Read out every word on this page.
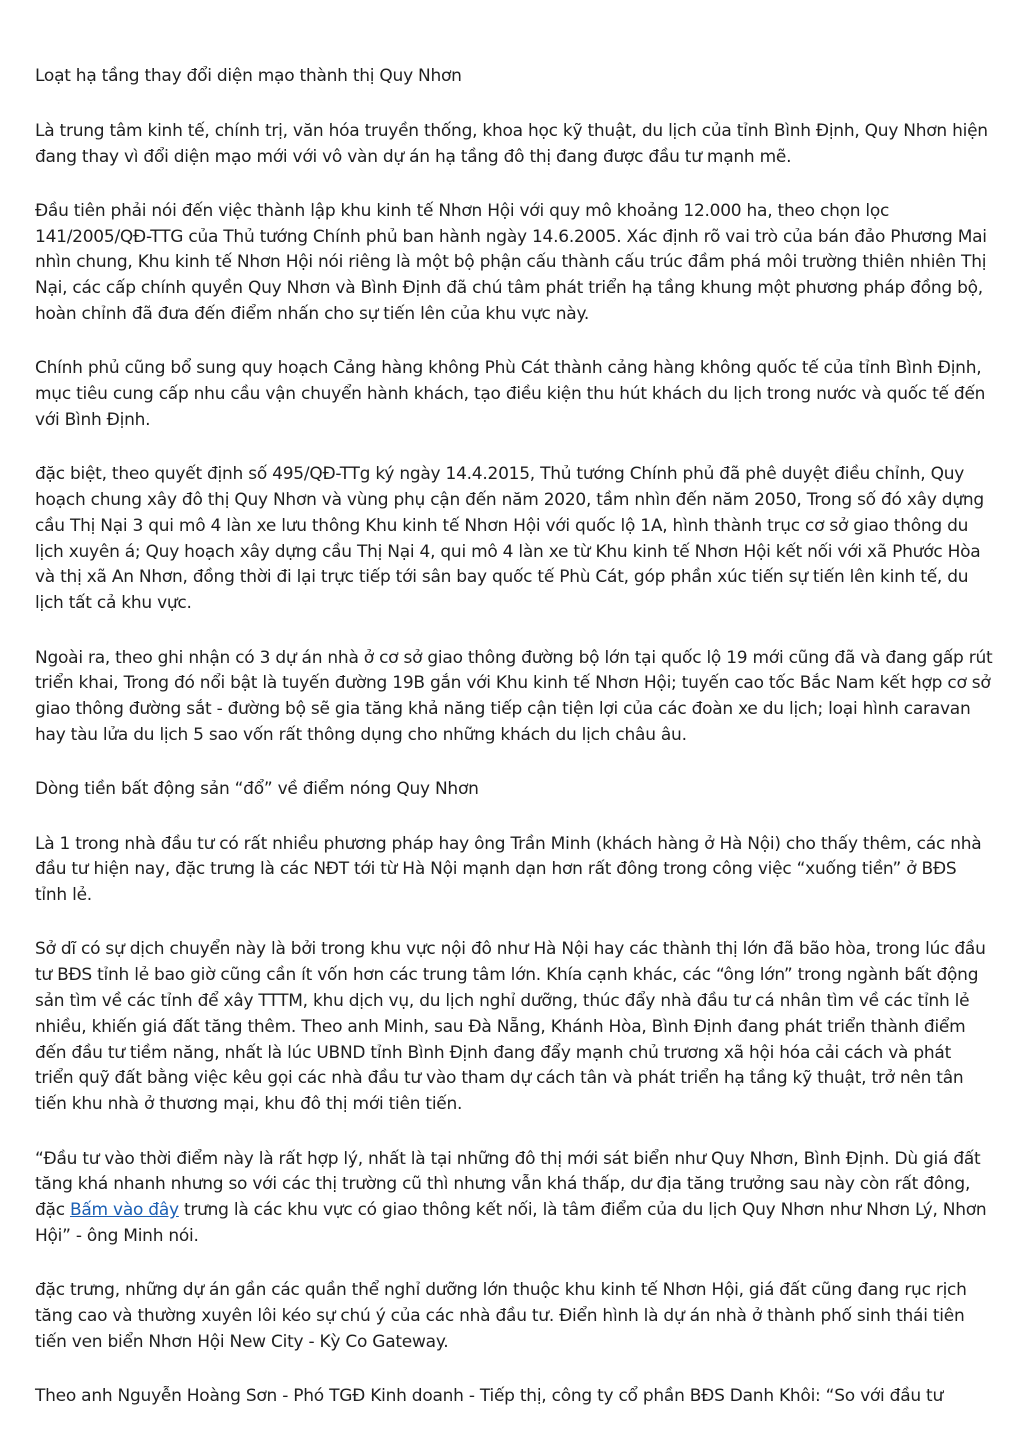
Loạt hạ tầng thay đổi diện mạo thành thị Quy Nhơn

Là trung tâm kinh tế, chính trị, văn hóa truyền thống, khoa học kỹ thuật, du lịch của tỉnh Bình Định, Quy Nhơn hiện đang thay vì đổi diện mạo mới với vô vàn dự án hạ tầng đô thị đang được đầu tư mạnh mẽ.

Đầu tiên phải nói đến việc thành lập khu kinh tế Nhơn Hội với quy mô khoảng 12.000 ha, theo chọn lọc 141/2005/QĐ-TTG của Thủ tướng Chính phủ ban hành ngày 14.6.2005. Xác định rõ vai trò của bán đảo Phương Mai nhìn chung, Khu kinh tế Nhơn Hội nói riêng là một bộ phận cấu thành cấu trúc đầm phá môi trường thiên nhiên Thị Nại, các cấp chính quyền Quy Nhơn và Bình Định đã chú tâm phát triển hạ tầng khung một phương pháp đồng bộ, hoàn chỉnh đã đưa đến điểm nhấn cho sự tiến lên của khu vực này.

Chính phủ cũng bổ sung quy hoạch Cảng hàng không Phù Cát thành cảng hàng không quốc tế của tỉnh Bình Định, mục tiêu cung cấp nhu cầu vận chuyển hành khách, tạo điều kiện thu hút khách du lịch trong nước và quốc tế đến với Bình Định.

đặc biệt, theo quyết định số 495/QĐ-TTg ký ngày 14.4.2015, Thủ tướng Chính phủ đã phê duyệt điều chỉnh, Quy hoạch chung xây đô thị Quy Nhơn và vùng phụ cận đến năm 2020, tầm nhìn đến năm 2050, Trong số đó xây dựng cầu Thị Nại 3 qui mô 4 làn xe lưu thông Khu kinh tế Nhơn Hội với quốc lộ 1A, hình thành trục cơ sở giao thông du lịch xuyên á; Quy hoạch xây dựng cầu Thị Nại 4, qui mô 4 làn xe từ Khu kinh tế Nhơn Hội kết nối với xã Phước Hòa và thị xã An Nhơn, đồng thời đi lại trực tiếp tới sân bay quốc tế Phù Cát, góp phần xúc tiến sự tiến lên kinh tế, du lịch tất cả khu vực.

Ngoài ra, theo ghi nhận có 3 dự án nhà ở cơ sở giao thông đường bộ lớn tại quốc lộ 19 mới cũng đã và đang gấp rút triển khai, Trong đó nổi bật là tuyến đường 19B gắn với Khu kinh tế Nhơn Hội; tuyến cao tốc Bắc Nam kết hợp cơ sở giao thông đường sắt - đường bộ sẽ gia tăng khả năng tiếp cận tiện lợi của các đoàn xe du lịch; loại hình caravan hay tàu lửa du lịch 5 sao vốn rất thông dụng cho những khách du lịch châu âu.

Dòng tiền bất động sản “đổ” về điểm nóng Quy Nhơn

Là 1 trong nhà đầu tư có rất nhiều phương pháp hay ông Trần Minh (khách hàng ở Hà Nội) cho thấy thêm, các nhà đầu tư hiện nay, đặc trưng là các NĐT tới từ Hà Nội mạnh dạn hơn rất đông trong công việc “xuống tiền” ở BĐS tỉnh lẻ.

Sở dĩ có sự dịch chuyển này là bởi trong khu vực nội đô như Hà Nội hay các thành thị lớn đã bão hòa, trong lúc đầu tư BĐS tỉnh lẻ bao giờ cũng cần ít vốn hơn các trung tâm lớn. Khía cạnh khác, các “ông lớn” trong ngành bất động sản tìm về các tỉnh để xây TTTM, khu dịch vụ, du lịch nghỉ dưỡng, thúc đẩy nhà đầu tư cá nhân tìm về các tỉnh lẻ nhiều, khiến giá đất tăng thêm. Theo anh Minh, sau Đà Nẵng, Khánh Hòa, Bình Định đang phát triển thành điểm đến đầu tư tiềm năng, nhất là lúc UBND tỉnh Bình Định đang đẩy mạnh chủ trương xã hội hóa cải cách và phát triển quỹ đất bằng việc kêu gọi các nhà đầu tư vào tham dự cách tân và phát triển hạ tầng kỹ thuật, trở nên tân tiến khu nhà ở thương mại, khu đô thị mới tiên tiến.

“Đầu tư vào thời điểm này là rất hợp lý, nhất là tại những đô thị mới sát biển như Quy Nhơn, Bình Định. Dù giá đất tăng khá nhanh nhưng so với các thị trường cũ thì nhưng vẫn khá thấp, dư địa tăng trưởng sau này còn rất đông, đặc Bấm vào đây trưng là các khu vực có giao thông kết nối, là tâm điểm của du lịch Quy Nhơn như Nhơn Lý, Nhơn Hội” - ông Minh nói.

đặc trưng, những dự án gần các quần thể nghỉ dưỡng lớn thuộc khu kinh tế Nhơn Hội, giá đất cũng đang rục rịch tăng cao và thường xuyên lôi kéo sự chú ý của các nhà đầu tư. Điển hình là dự án nhà ở thành phố sinh thái tiên tiến ven biển Nhơn Hội New City - Kỳ Co Gateway.

Theo anh Nguyễn Hoàng Sơn - Phó TGĐ Kinh doanh - Tiếp thị, công ty cổ phần BĐS Danh Khôi: “So với đầu tư
